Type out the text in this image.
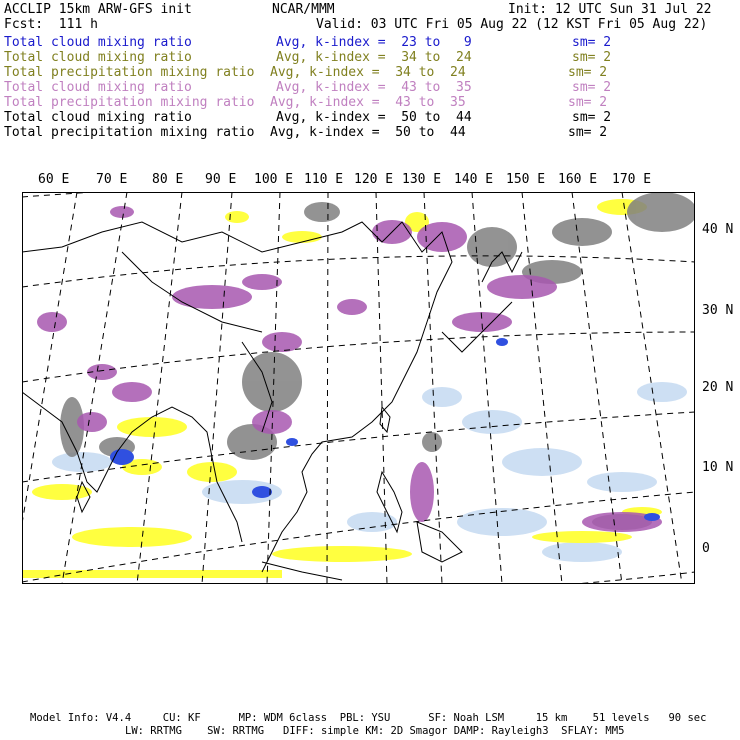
ACCLIP 15km ARW-GFS init	NCAR/MMM	Init: 12 UTC Sun 31 Jul 22
Fcst:  111 h	Valid: 03 UTC Fri 05 Aug 22 (12 KST Fri 05 Aug 22)
Total cloud mixing ratio	Avg, k-index =  23 to   9	sm= 2
Total cloud mixing ratio	Avg, k-index =  34 to  24	sm= 2
Total precipitation mixing ratio Avg, k-index =  34 to  24	sm= 2
Total cloud mixing ratio	Avg, k-index =  43 to  35	sm= 2
Total precipitation mixing ratio Avg, k-index =  43 to  35	sm= 2
Total cloud mixing ratio	Avg, k-index =  50 to  44	sm= 2
Total precipitation mixing ratio Avg, k-index =  50 to  44	sm= 2
60 E 70 E 80 E 90 E 100 E 110 E 120 E 130 E 140 E 150 E 160 E 170 E
40 N
30 N
20 N
10 N
0
Model Info: V4.4     CU: KF      MP: WDM 6class  PBL: YSU      SF: Noah LSM     15 km    51 levels   90 sec
LW: RRTMG    SW: RRTMG   DIFF: simple KM: 2D Smagor DAMP: Rayleigh3  SFLAY: MM5
